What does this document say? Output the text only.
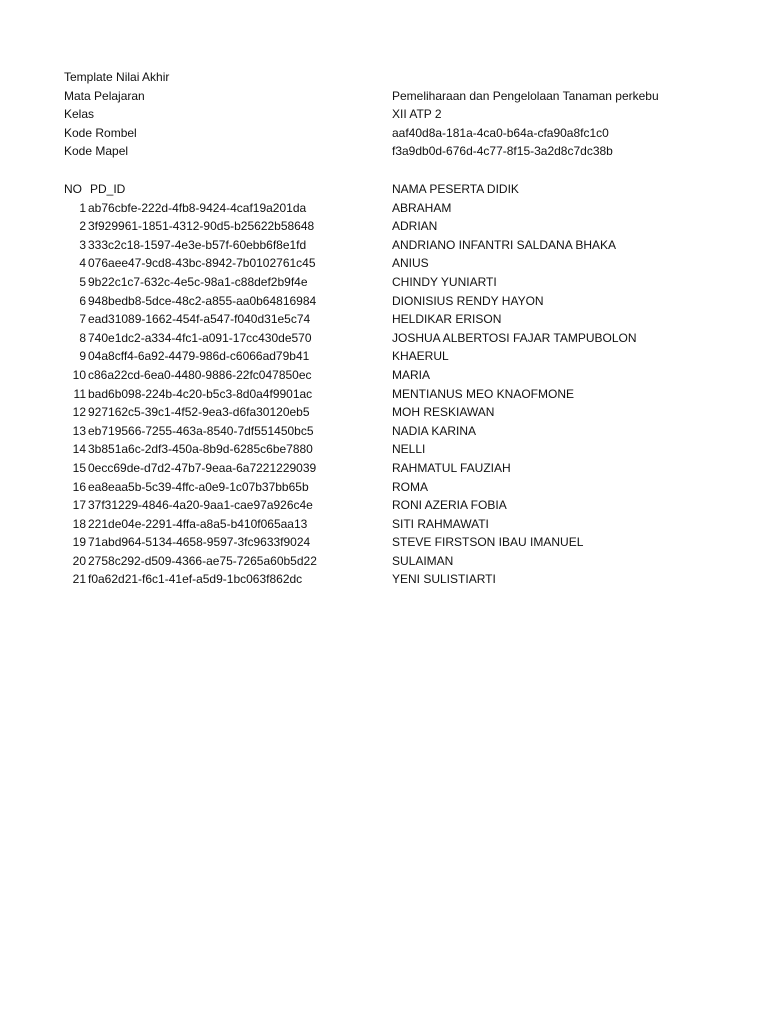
Template Nilai Akhir
Mata Pelajaran	Pemeliharaan dan Pengelolaan Tanaman perkebu
Kelas	XII ATP 2
Kode Rombel	aaf40d8a-181a-4ca0-b64a-cfa90a8fc1c0
Kode Mapel	f3a9db0d-676d-4c77-8f15-3a2d8c7dc38b
NO PD_ID	NAMA PESERTA DIDIK
1 ab76cbfe-222d-4fb8-9424-4caf19a201da	ABRAHAM
2 3f929961-1851-4312-90d5-b25622b58648	ADRIAN
3 333c2c18-1597-4e3e-b57f-60ebb6f8e1fd	ANDRIANO INFANTRI SALDANA BHAKA
4 076aee47-9cd8-43bc-8942-7b0102761c45	ANIUS
5 9b22c1c7-632c-4e5c-98a1-c88def2b9f4e	CHINDY YUNIARTI
6 948bedb8-5dce-48c2-a855-aa0b64816984	DIONISIUS RENDY HAYON
7 ead31089-1662-454f-a547-f040d31e5c74	HELDIKAR ERISON
8 740e1dc2-a334-4fc1-a091-17cc430de570	JOSHUA ALBERTOSI FAJAR TAMPUBOLON
9 04a8cff4-6a92-4479-986d-c6066ad79b41	KHAERUL
10 c86a22cd-6ea0-4480-9886-22fc047850ec	MARIA
11 bad6b098-224b-4c20-b5c3-8d0a4f9901ac	MENTIANUS MEO KNAOFMONE
12 927162c5-39c1-4f52-9ea3-d6fa30120eb5	MOH RESKIAWAN
13 eb719566-7255-463a-8540-7df551450bc5	NADIA KARINA
14 3b851a6c-2df3-450a-8b9d-6285c6be7880	NELLI
15 0ecc69de-d7d2-47b7-9eaa-6a7221229039	RAHMATUL FAUZIAH
16 ea8eaa5b-5c39-4ffc-a0e9-1c07b37bb65b	ROMA
17 37f31229-4846-4a20-9aa1-cae97a926c4e	RONI AZERIA FOBIA
18 221de04e-2291-4ffa-a8a5-b410f065aa13	SITI RAHMAWATI
19 71abd964-5134-4658-9597-3fc9633f9024	STEVE FIRSTSON IBAU IMANUEL
20 2758c292-d509-4366-ae75-7265a60b5d22	SULAIMAN
21 f0a62d21-f6c1-41ef-a5d9-1bc063f862dc	YENI SULISTIARTI
